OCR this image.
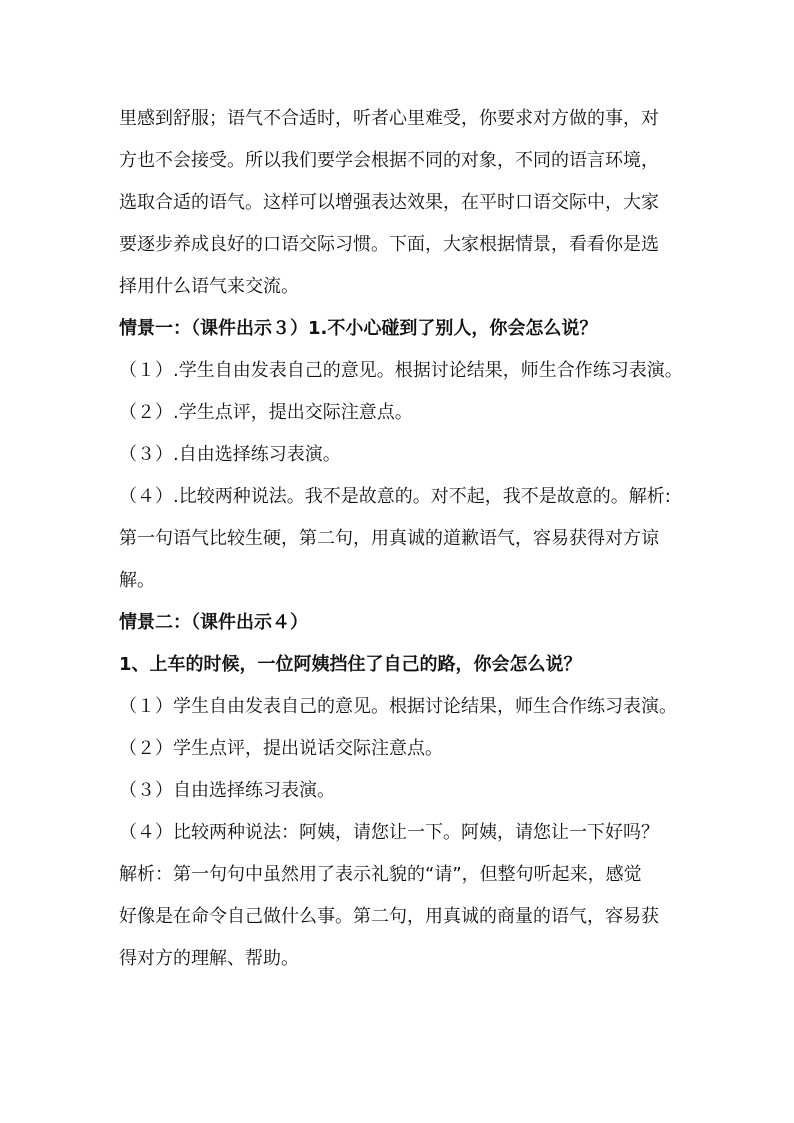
里感到舒服；语气不合适时，听者心里难受，你要求对方做的事，对
方也不会接受。所以我们要学会根据不同的对象，不同的语言环境，
选取合适的语气。这样可以增强表达效果，在平时口语交际中，大家
要逐步养成良好的口语交际习惯。下面，大家根据情景，看看你是选
择用什么语气来交流。
情景一：（课件出示３）1.不小心碰到了别人，你会怎么说？
（１）.学生自由发表自己的意见。根据讨论结果，师生合作练习表演。
（２）.学生点评，提出交际注意点。
（３）.自由选择练习表演。
（４）.比较两种说法。我不是故意的。对不起，我不是故意的。解析:
第一句语气比较生硬，第二句，用真诚的道歉语气，容易获得对方谅
解。
情景二：（课件出示４）
1、上车的时候，一位阿姨挡住了自己的路，你会怎么说？
（１）学生自由发表自己的意见。根据讨论结果，师生合作练习表演。
（２）学生点评，提出说话交际注意点。
（３）自由选择练习表演。
（４）比较两种说法：阿姨，请您让一下。阿姨，请您让一下好吗？
解析：第一句句中虽然用了表示礼貌的“请”，但整句听起来，感觉
好像是在命令自己做什么事。第二句，用真诚的商量的语气，容易获
得对方的理解、帮助。
